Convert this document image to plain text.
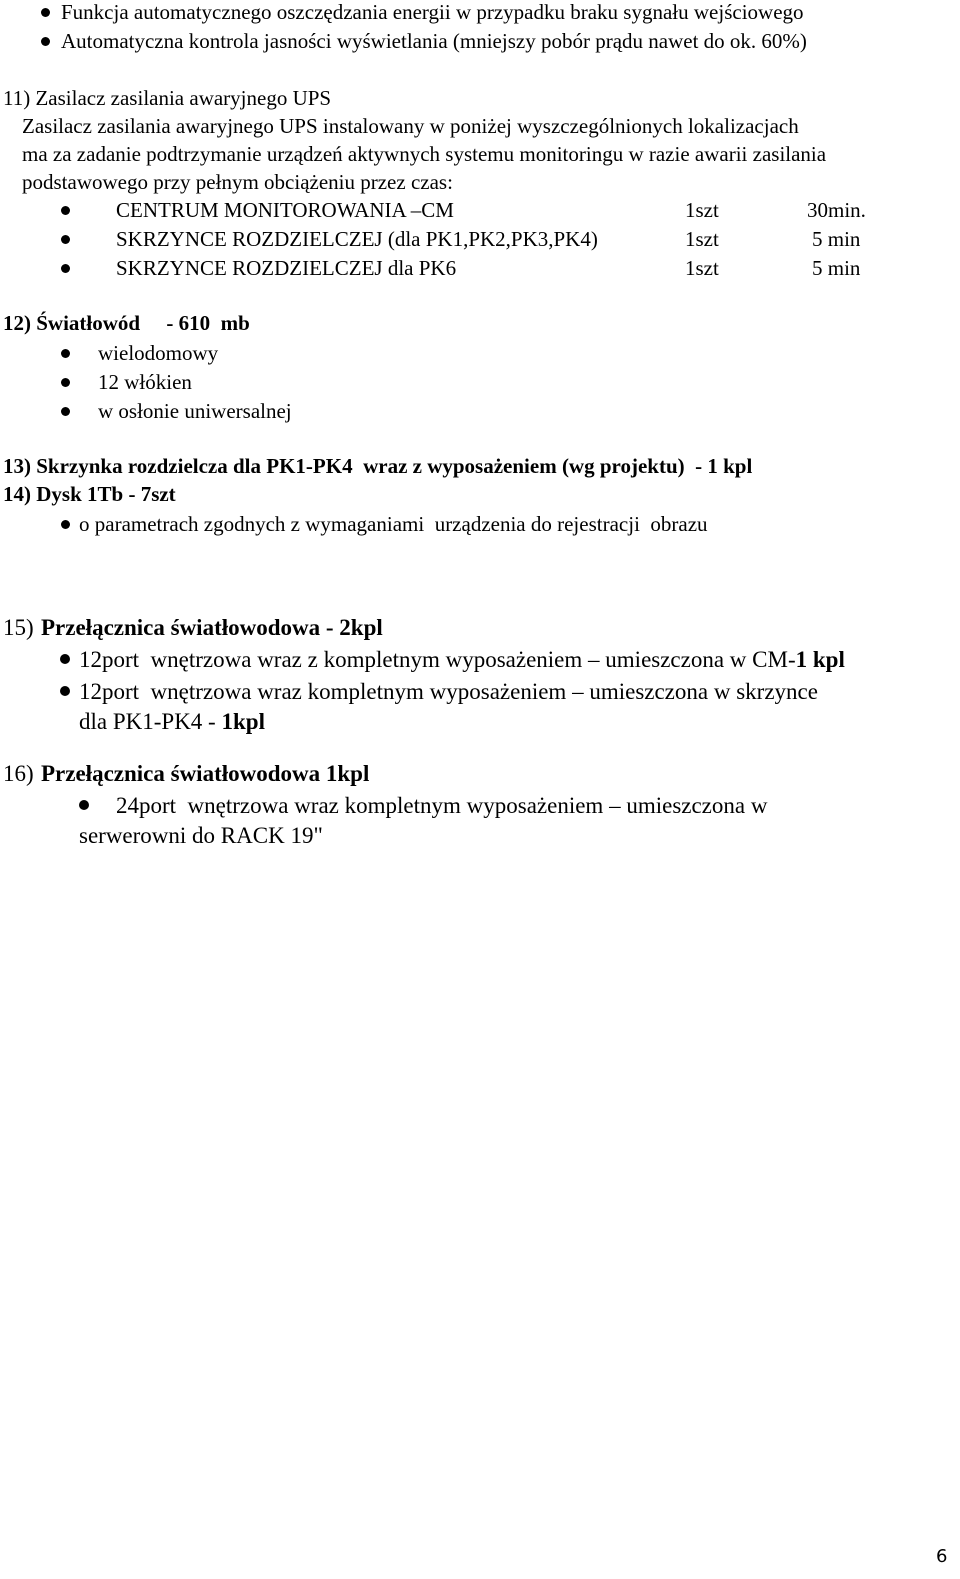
Funkcja automatycznego oszczędzania energii w przypadku braku sygnału wejściowego
Automatyczna kontrola jasności wyświetlania (mniejszy pobór prądu nawet do ok. 60%)
11) Zasilacz zasilania awaryjnego UPS
Zasilacz zasilania awaryjnego UPS instalowany w poniżej wyszczególnionych lokalizacjach
ma za zadanie podtrzymanie urządzeń aktywnych systemu monitoringu w razie awarii zasilania
podstawowego przy pełnym obciążeniu przez czas:
CENTRUM MONITOROWANIA –CM	1szt	30min.
SKRZYNCE ROZDZIELCZEJ (dla PK1,PK2,PK3,PK4)	1szt	5 min
SKRZYNCE ROZDZIELCZEJ dla PK6	1szt	5 min
12) Światłowód     - 610  mb
wielodomowy
12 włókien
w osłonie uniwersalnej
13) Skrzynka rozdzielcza dla PK1-PK4  wraz z wyposażeniem (wg projektu)  - 1 kpl
14) Dysk 1Tb - 7szt
o parametrach zgodnych z wymaganiami  urządzenia do rejestracji  obrazu
15) Przełącznica światłowodowa - 2kpl
12port  wnętrzowa wraz z kompletnym wyposażeniem – umieszczona w CM-1 kpl
12port  wnętrzowa wraz kompletnym wyposażeniem – umieszczona w skrzynce
dla PK1-PK4 - 1kpl
16) Przełącznica światłowodowa 1kpl
24port  wnętrzowa wraz kompletnym wyposażeniem – umieszczona w
serwerowni do RACK 19"
6
